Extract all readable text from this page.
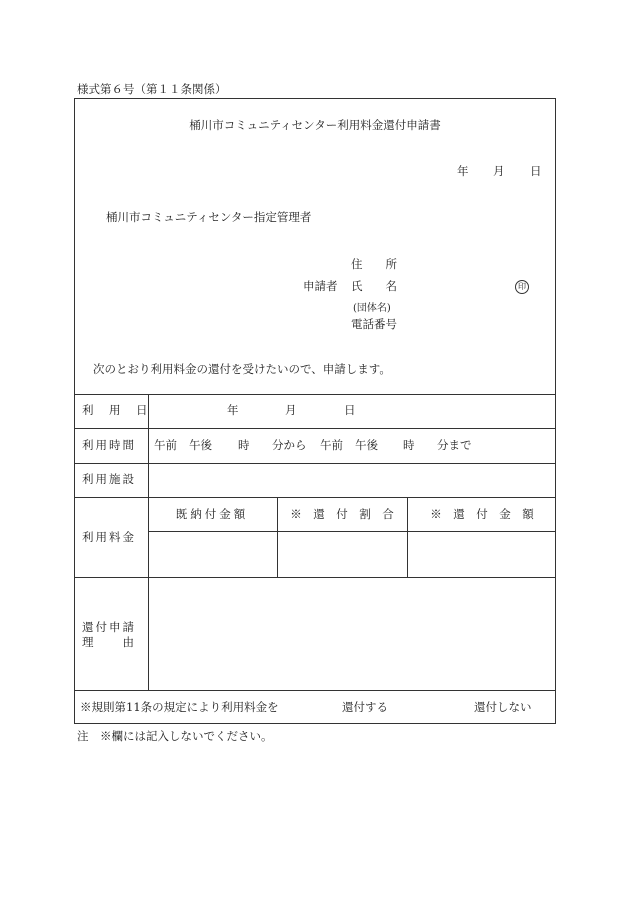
様式第６号（第１１条関係）
桶川市コミュニティセンター利用料金還付申請書
年 月 日
桶川市コミュニティセンター指定管理者
住　　所
申請者 氏　　名	印
(団体名)
電話番号
次のとおり利用料金の還付を受けたいので、申請します。
利　用　日	年	月	日
利用時間 午前 午後 時 分から 午前 午後 時 分まで
利用施設
利用料金
既納付金額	※　還　付　割　合	※　還　付　金　額
還付申請
理　　由
※規則第11条の規定により利用料金を	還付する	還付しない
注　※欄には記入しないでください。
